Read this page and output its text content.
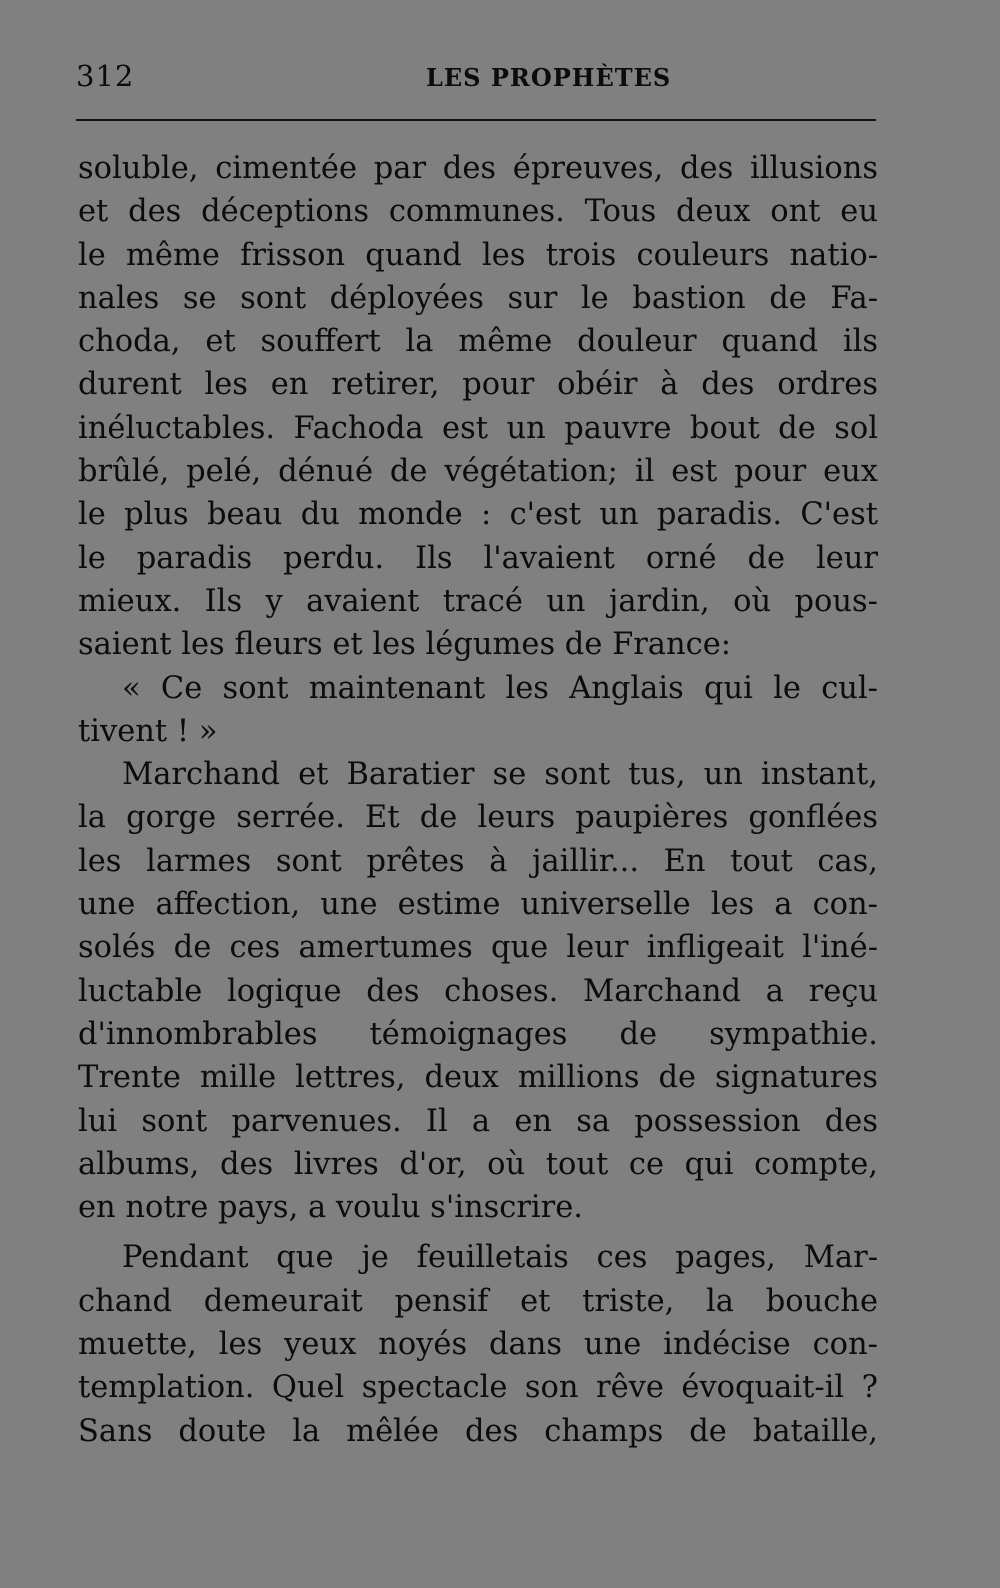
312	LES PROPHÈTES
soluble, cimentée par des épreuves, des illusions
et des déceptions communes. Tous deux ont eu
le même frisson quand les trois couleurs natio-
nales se sont déployées sur le bastion de Fa-
choda, et souffert la même douleur quand ils
durent les en retirer, pour obéir à des ordres
inéluctables. Fachoda est un pauvre bout de sol
brûlé, pelé, dénué de végétation; il est pour eux
le plus beau du monde : c'est un paradis. C'est
le paradis perdu. Ils l'avaient orné de leur
mieux. Ils y avaient tracé un jardin, où pous-
saient les fleurs et les légumes de France:
« Ce sont maintenant les Anglais qui le cul-
tivent ! »
Marchand et Baratier se sont tus, un instant,
la gorge serrée. Et de leurs paupières gonflées
les larmes sont prêtes à jaillir... En tout cas,
une affection, une estime universelle les a con-
solés de ces amertumes que leur infligeait l'iné-
luctable logique des choses. Marchand a reçu
d'innombrables témoignages de sympathie.
Trente mille lettres, deux millions de signatures
lui sont parvenues. Il a en sa possession des
albums, des livres d'or, où tout ce qui compte,
en notre pays, a voulu s'inscrire.
Pendant que je feuilletais ces pages, Mar-
chand demeurait pensif et triste, la bouche
muette, les yeux noyés dans une indécise con-
templation. Quel spectacle son rêve évoquait-il ?
Sans doute la mêlée des champs de bataille,
